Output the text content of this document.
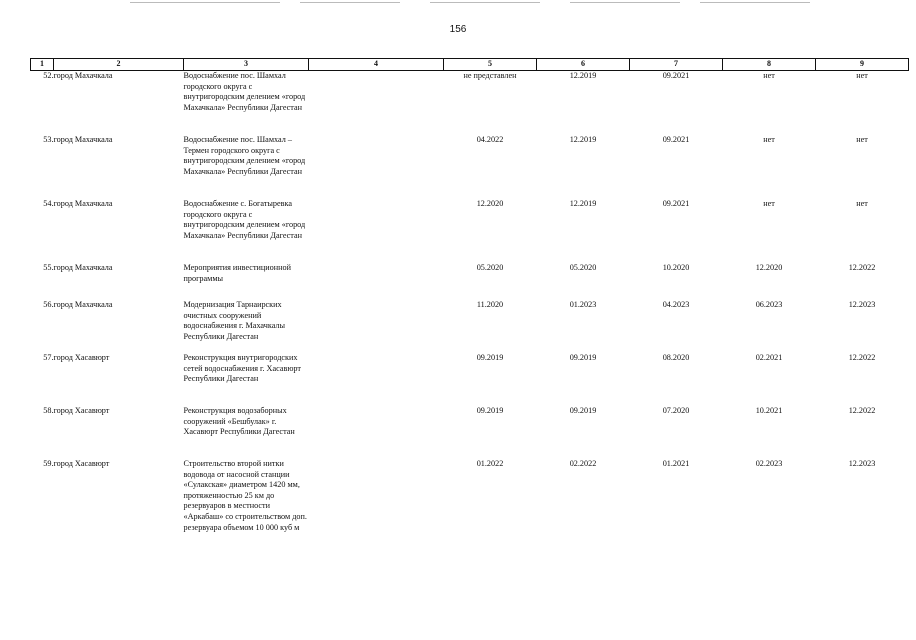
156
1	2	3	4	5	6	7	8	9
52.	город Махачкала	Водоснабжение пос. Шамхал городского округа с внутригородским делением «город Махачкала» Республики Дагестан		не представлен	12.2019	09.2021	нет	нет
53.	город Махачкала	Водоснабжение пос. Шамхал – Термен городского округа с внутригородским делением «город Махачкала» Республики Дагестан		04.2022	12.2019	09.2021	нет	нет
54.	город Махачкала	Водоснабжение с. Богатыревка городского округа с внутригородским делением «город Махачкала» Республики Дагестан		12.2020	12.2019	09.2021	нет	нет
55.	город Махачкала	Мероприятия инвестиционной программы		05.2020	05.2020	10.2020	12.2020	12.2022
56.	город Махачкала	Модернизация Тарнаирских очистных сооружений водоснабжения г. Махачкалы Республики Дагестан		11.2020	01.2023	04.2023	06.2023	12.2023
57.	город Хасавюрт	Реконструкция внутригородских сетей водоснабжения г. Хасавюрт Республики Дагестан		09.2019	09.2019	08.2020	02.2021	12.2022
58.	город Хасавюрт	Реконструкция водозаборных сооружений «Бешбулак» г. Хасавюрт Республики Дагестан		09.2019	09.2019	07.2020	10.2021	12.2022
59.	город Хасавюрт	Строительство второй нитки водовода от насосной станции «Сулакская» диаметром 1420 мм, протяженностью 25 км до резервуаров в местности «Аркабаш» со строительством доп. резервуара объемом 10 000 куб м		01.2022	02.2022	01.2021	02.2023	12.2023
